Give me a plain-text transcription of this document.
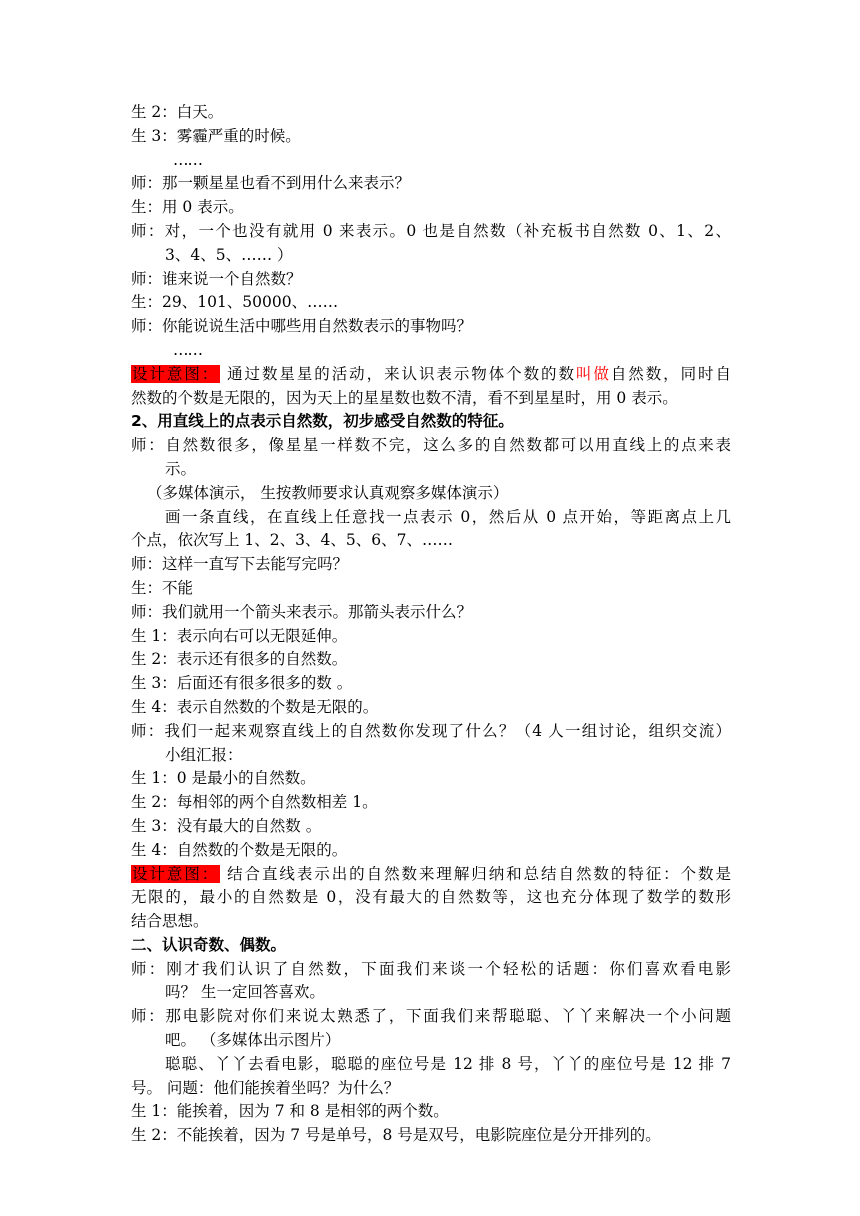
生 2：白天。
生 3：雾霾严重的时候。
……
师：那一颗星星也看不到用什么来表示？
生：用 0 表示。
师：对，一个也没有就用 0 来表示。0 也是自然数（补充板书自然数 0、1、2、
3、4、5、…… ）
师：谁来说一个自然数？
生：29、101、50000、……
师：你能说说生活中哪些用自然数表示的事物吗？
……
设计意图： 通过数星星的活动，来认识表示物体个数的数叫做自然数，同时自
然数的个数是无限的，因为天上的星星数也数不清，看不到星星时，用 0 表示。
2、用直线上的点表示自然数，初步感受自然数的特征。
师：自然数很多，像星星一样数不完，这么多的自然数都可以用直线上的点来表
示。
（多媒体演示， 生按教师要求认真观察多媒体演示）
画一条直线，在直线上任意找一点表示 0，然后从 0 点开始，等距离点上几
个点，依次写上 1、2、3、4、5、6、7、……
师：这样一直写下去能写完吗？
生：不能
师：我们就用一个箭头来表示。那箭头表示什么？
生 1：表示向右可以无限延伸。
生 2：表示还有很多的自然数。
生 3：后面还有很多很多的数 。
生 4：表示自然数的个数是无限的。
师：我们一起来观察直线上的自然数你发现了什么？（4 人一组讨论，组织交流）
小组汇报：
生 1：0 是最小的自然数。
生 2：每相邻的两个自然数相差 1。
生 3：没有最大的自然数 。
生 4：自然数的个数是无限的。
设计意图： 结合直线表示出的自然数来理解归纳和总结自然数的特征：个数是
无限的，最小的自然数是 0，没有最大的自然数等，这也充分体现了数学的数形
结合思想。
二、认识奇数、偶数。
师：刚才我们认识了自然数，下面我们来谈一个轻松的话题：你们喜欢看电影
吗？ 生一定回答喜欢。
师：那电影院对你们来说太熟悉了，下面我们来帮聪聪、丫丫来解决一个小问题
吧。 （多媒体出示图片）
聪聪、丫丫去看电影，聪聪的座位号是 12 排 8 号，丫丫的座位号是 12 排 7
号。 问题：他们能挨着坐吗？为什么？
生 1：能挨着，因为 7 和 8 是相邻的两个数。
生 2：不能挨着，因为 7 号是单号，8 号是双号，电影院座位是分开排列的。
